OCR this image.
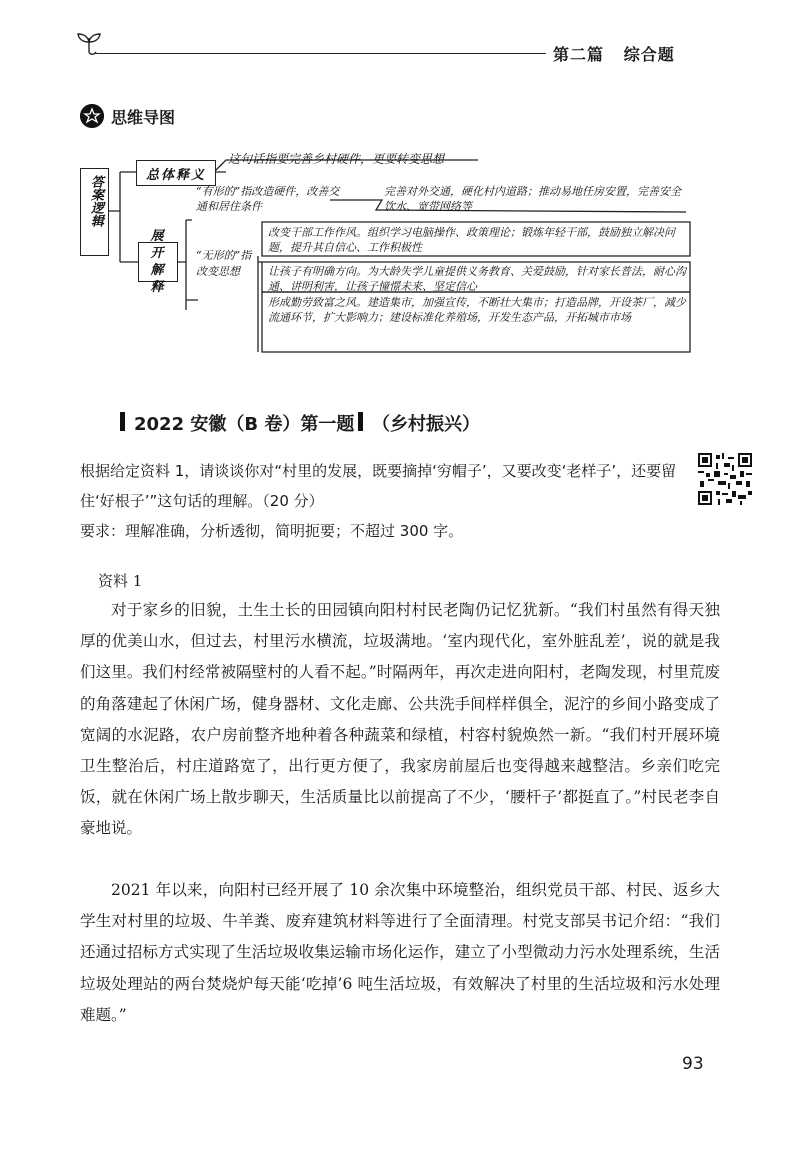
第二篇 综合题
思维导图
答案逻辑	总体释义
这句话指要完善乡村硬件，更要转变思想
展开解释
“有形的”指改造硬件，改善交通和居住条件
完善对外交通，硬化村内道路；推动易地任房安置，完善安全饮水、宽带网络等
“无形的”指改变思想
改变干部工作作风。组织学习电脑操作、政策理论；锻炼年轻干部，鼓励独立解决问题，提升其自信心、工作积极性
让孩子有明确方向。为大龄失学儿童提供义务教育、关爱鼓励，针对家长普法，耐心沟通、讲明利害，让孩子憧憬未来、坚定信心
形成勤劳致富之风。建造集市，加强宣传，不断壮大集市；打造品牌，开设茶厂，减少流通环节，扩大影响力；建设标准化养殖场，开发生态产品，开拓城市市场
2022 安徽（B 卷）第一题 （乡村振兴）
根据给定资料 1，请谈谈你对“村里的发展，既要摘掉‘穷帽子’，又要改变‘老样子’，还要留住‘好根子’”这句话的理解。（20 分）
要求：理解准确，分析透彻，简明扼要；不超过 300 字。
资料 1
对于家乡的旧貌，土生土长的田园镇向阳村村民老陶仍记忆犹新。“我们村虽然有得天独厚的优美山水，但过去，村里污水横流，垃圾满地。‘室内现代化，室外脏乱差’，说的就是我们这里。我们村经常被隔壁村的人看不起。”时隔两年，再次走进向阳村，老陶发现，村里荒废的角落建起了休闲广场，健身器材、文化走廊、公共洗手间样样俱全，泥泞的乡间小路变成了宽阔的水泥路，农户房前整齐地种着各种蔬菜和绿植，村容村貌焕然一新。“我们村开展环境卫生整治后，村庄道路宽了，出行更方便了，我家房前屋后也变得越来越整洁。乡亲们吃完饭，就在休闲广场上散步聊天，生活质量比以前提高了不少，‘腰杆子’都挺直了。”村民老李自豪地说。
2021 年以来，向阳村已经开展了 10 余次集中环境整治，组织党员干部、村民、返乡大学生对村里的垃圾、牛羊粪、废弃建筑材料等进行了全面清理。村党支部吴书记介绍：“我们还通过招标方式实现了生活垃圾收集运输市场化运作，建立了小型微动力污水处理系统，生活垃圾处理站的两台焚烧炉每天能‘吃掉’6 吨生活垃圾，有效解决了村里的生活垃圾和污水处理难题。”
93
